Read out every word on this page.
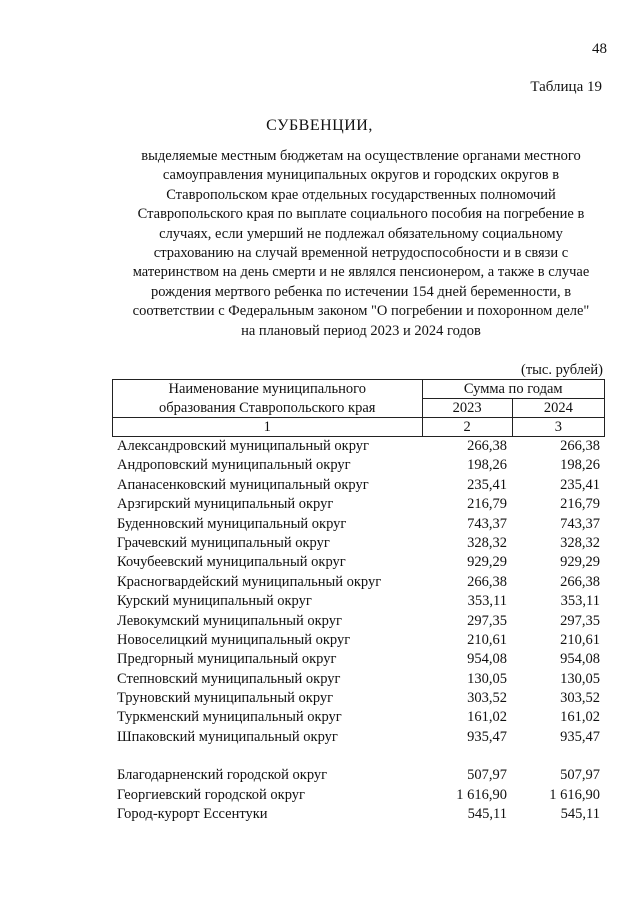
48
Таблица 19
СУБВЕНЦИИ,
выделяемые местным бюджетам на осуществление органами местного
самоуправления муниципальных округов и городских округов в
Ставропольском крае отдельных государственных полномочий
Ставропольского края по выплате социального пособия на погребение в
случаях, если умерший не подлежал обязательному социальному
страхованию на случай временной нетрудоспособности и в связи с
материнством на день смерти и не являлся пенсионером, а также в случае
рождения мертвого ребенка по истечении 154 дней беременности, в
соответствии с Федеральным законом "О погребении и похоронном деле"
на плановый период 2023 и 2024 годов
(тыс. рублей)
Наименование муниципального	Сумма по годам	
образования Ставропольского края	2023	2024
1	2	3
Александровский муниципальный округ	266,38	266,38
Андроповский муниципальный округ	198,26	198,26
Апанасенковский муниципальный округ	235,41	235,41
Арзгирский муниципальный округ	216,79	216,79
Буденновский муниципальный округ	743,37	743,37
Грачевский муниципальный округ	328,32	328,32
Кочубеевский муниципальный округ	929,29	929,29
Красногвардейский муниципальный округ	266,38	266,38
Курский муниципальный округ	353,11	353,11
Левокумский муниципальный округ	297,35	297,35
Новоселицкий муниципальный округ	210,61	210,61
Предгорный муниципальный округ	954,08	954,08
Степновский муниципальный округ	130,05	130,05
Труновский муниципальный округ	303,52	303,52
Туркменский муниципальный округ	161,02	161,02
Шпаковский муниципальный округ	935,47	935,47
Благодарненский городской округ	507,97	507,97
Георгиевский городской округ	1 616,90	1 616,90
Город-курорт Ессентуки	545,11	545,11
